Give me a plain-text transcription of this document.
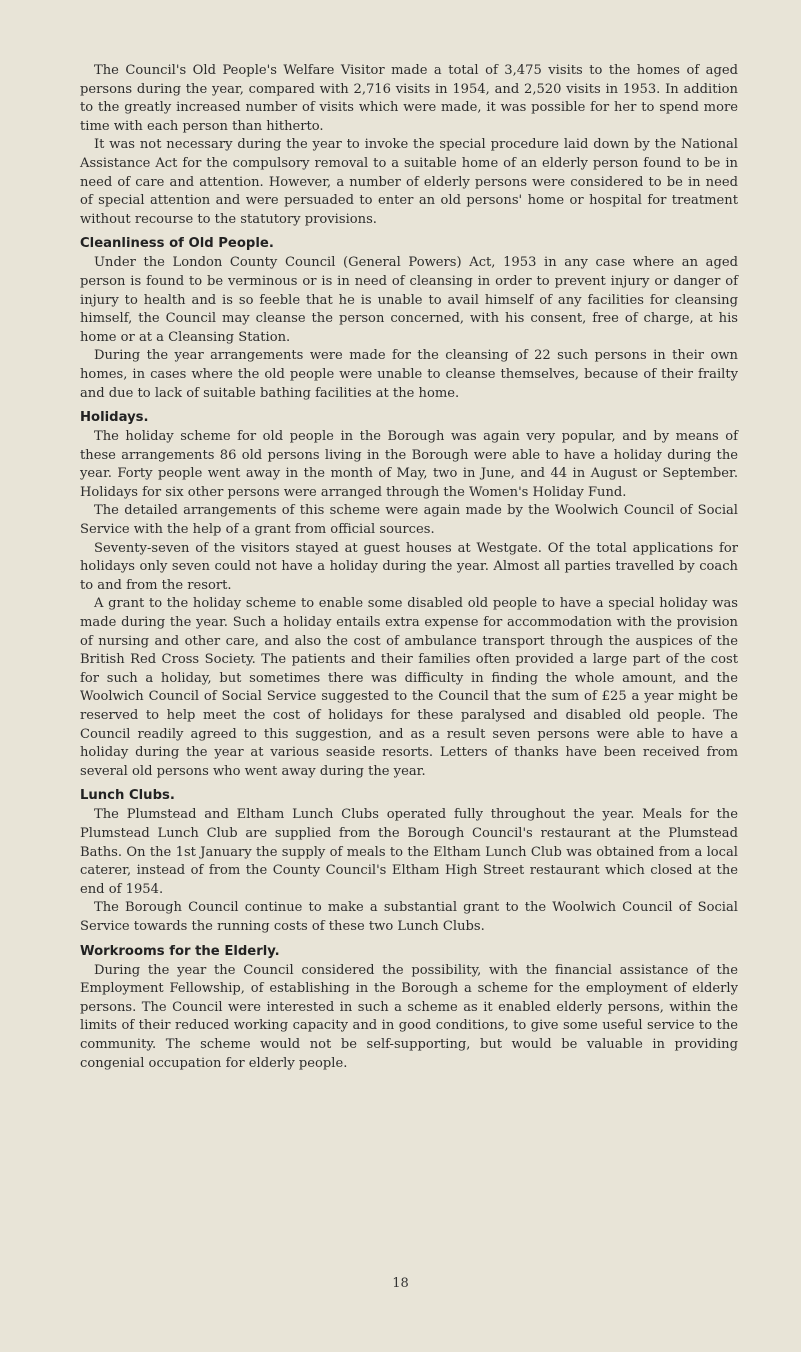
The Council's Old People's Welfare Visitor made a total of 3,475 visits to the homes of aged persons during the year, compared with 2,716 visits in 1954, and 2,520 visits in 1953. In addition to the greatly increased number of visits which were made, it was possible for her to spend more time with each person than hitherto.

It was not necessary during the year to invoke the special procedure laid down by the National Assistance Act for the compulsory removal to a suitable home of an elderly person found to be in need of care and attention. However, a number of elderly persons were considered to be in need of special attention and were persuaded to enter an old persons' home or hospital for treatment without recourse to the statutory provisions.

Cleanliness of Old People.

Under the London County Council (General Powers) Act, 1953 in any case where an aged person is found to be verminous or is in need of cleansing in order to prevent injury or danger of injury to health and is so feeble that he is unable to avail himself of any facilities for cleansing himself, the Council may cleanse the person concerned, with his consent, free of charge, at his home or at a Cleansing Station.

During the year arrangements were made for the cleansing of 22 such persons in their own homes, in cases where the old people were unable to cleanse themselves, because of their frailty and due to lack of suitable bathing facilities at the home.

Holidays.

The holiday scheme for old people in the Borough was again very popular, and by means of these arrangements 86 old persons living in the Borough were able to have a holiday during the year. Forty people went away in the month of May, two in June, and 44 in August or September. Holidays for six other persons were arranged through the Women's Holiday Fund.

The detailed arrangements of this scheme were again made by the Woolwich Council of Social Service with the help of a grant from official sources.

Seventy-seven of the visitors stayed at guest houses at Westgate. Of the total applications for holidays only seven could not have a holiday during the year. Almost all parties travelled by coach to and from the resort.

A grant to the holiday scheme to enable some disabled old people to have a special holiday was made during the year. Such a holiday entails extra expense for accommodation with the provision of nursing and other care, and also the cost of ambulance transport through the auspices of the British Red Cross Society. The patients and their families often provided a large part of the cost for such a holiday, but sometimes there was difficulty in finding the whole amount, and the Woolwich Council of Social Service suggested to the Council that the sum of £25 a year might be reserved to help meet the cost of holidays for these paralysed and disabled old people. The Council readily agreed to this suggestion, and as a result seven persons were able to have a holiday during the year at various seaside resorts. Letters of thanks have been received from several old persons who went away during the year.

Lunch Clubs.

The Plumstead and Eltham Lunch Clubs operated fully throughout the year. Meals for the Plumstead Lunch Club are supplied from the Borough Council's restaurant at the Plumstead Baths. On the 1st January the supply of meals to the Eltham Lunch Club was obtained from a local caterer, instead of from the County Council's Eltham High Street restaurant which closed at the end of 1954.

The Borough Council continue to make a substantial grant to the Woolwich Council of Social Service towards the running costs of these two Lunch Clubs.

Workrooms for the Elderly.

During the year the Council considered the possibility, with the financial assistance of the Employment Fellowship, of establishing in the Borough a scheme for the employment of elderly persons. The Council were interested in such a scheme as it enabled elderly persons, within the limits of their reduced working capacity and in good conditions, to give some useful service to the community. The scheme would not be self-supporting, but would be valuable in providing congenial occupation for elderly people.

18
